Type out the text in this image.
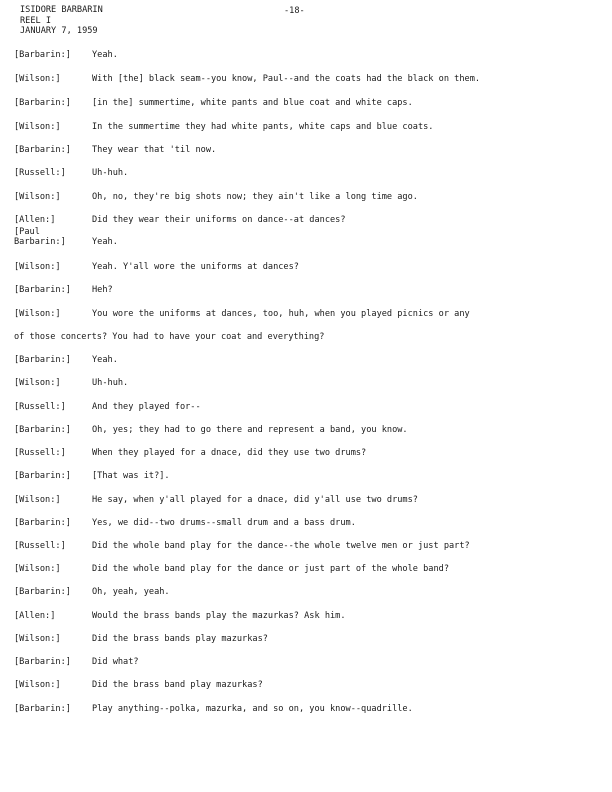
ISIDORE BARBARIN
REEL I
JANUARY 7, 1959
-18-
[Barbarin:] Yeah.
[Wilson:]	With [the] black seam--you know, Paul--and the coats had the black on them.
[Barbarin:] [in the] summertime, white pants and blue coat and white caps.
[Wilson:]	In the summertime they had white pants, white caps and blue coats.
[Barbarin:] They wear that 'til now.
[Russell:]	Uh-huh.
[Wilson:]	Oh, no, they're big shots now; they ain't like a long time ago.
[Allen:]	Did they wear their uniforms on dance--at dances?
[Paul
Barbarin:]	Yeah.
[Wilson:]	Yeah. Y'all wore the uniforms at dances?
[Barbarin:] Heh?
[Wilson:]	You wore the uniforms at dances, too, huh, when you played picnics or any
of those concerts? You had to have your coat and everything?
[Barbarin:] Yeah.
[Wilson:]	Uh-huh.
[Russell:]	And they played for--
[Barbarin:] Oh, yes; they had to go there and represent a band, you know.
[Russell:]	When they played for a dnace, did they use two drums?
[Barbarin:] [That was it?].
[Wilson:]	He say, when y'all played for a dnace, did y'all use two drums?
[Barbarin:] Yes, we did--two drums--small drum and a bass drum.
[Russell:]	Did the whole band play for the dance--the whole twelve men or just part?
[Wilson:]	Did the whole band play for the dance or just part of the whole band?
[Barbarin:] Oh, yeah, yeah.
[Allen:]	Would the brass bands play the mazurkas? Ask him.
[Wilson:]	Did the brass bands play mazurkas?
[Barbarin:] Did what?
[Wilson:]	Did the brass band play mazurkas?
[Barbarin:] Play anything--polka, mazurka, and so on, you know--quadrille.
